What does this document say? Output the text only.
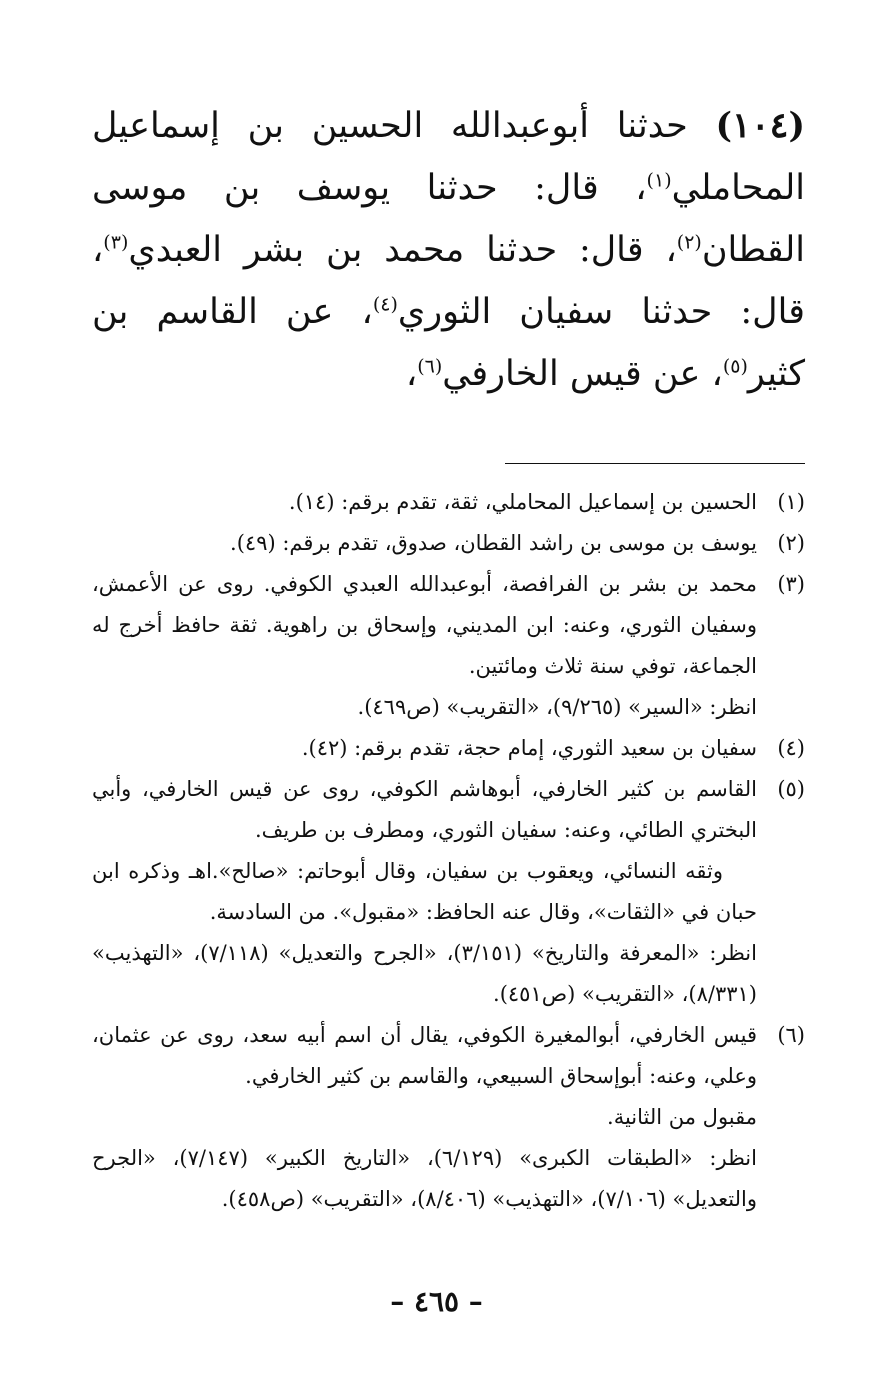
(١٠٤) حدثنا أبوعبدالله الحسين بن إسماعيل المحاملي$^{(١)}$، قال: حدثنا يوسف بن موسى القطان$^{(٢)}$، قال: حدثنا محمد بن بشر العبدي$^{(٣)}$، قال: حدثنا سفيان الثوري$^{(٤)}$، عن القاسم بن كثير$^{(٥)}$، عن قيس الخارفي$^{(٦)}$،

(١)

الحسين بن إسماعيل المحاملي، ثقة، تقدم برقم: (١٤).

(٢)

يوسف بن موسى بن راشد القطان، صدوق، تقدم برقم: (٤٩).

(٣)

محمد بن بشر بن الفرافصة، أبوعبدالله العبدي الكوفي. روى عن الأعمش، وسفيان الثوري، وعنه: ابن المديني، وإسحاق بن راهوية. ثقة حافظ أخرج له الجماعة، توفي سنة ثلاث ومائتين.

انظر: «السير» (٩/٢٦٥)، «التقريب» (ص٤٦٩).

(٤)

سفيان بن سعيد الثوري، إمام حجة، تقدم برقم: (٤٢).

(٥)

القاسم بن كثير الخارفي، أبوهاشم الكوفي، روى عن قيس الخارفي، وأبي البختري الطائي، وعنه: سفيان الثوري، ومطرف بن طريف.

وثقه النسائي، ويعقوب بن سفيان، وقال أبوحاتم: «صالح».اهـ وذكره ابن حبان في «الثقات»، وقال عنه الحافظ: «مقبول». من السادسة.

انظر: «المعرفة والتاريخ» (٣/١٥١)، «الجرح والتعديل» (٧/١١٨)، «التهذيب» (٨/٣٣١)، «التقريب» (ص٤٥١).

(٦)

قيس الخارفي، أبوالمغيرة الكوفي، يقال أن اسم أبيه سعد، روى عن عثمان، وعلي، وعنه: أبوإسحاق السبيعي، والقاسم بن كثير الخارفي.

مقبول من الثانية.

انظر: «الطبقات الكبرى» (٦/١٢٩)، «التاريخ الكبير» (٧/١٤٧)، «الجرح والتعديل» (٧/١٠٦)، «التهذيب» (٨/٤٠٦)، «التقريب» (ص٤٥٨).

– ٤٦٥ –
